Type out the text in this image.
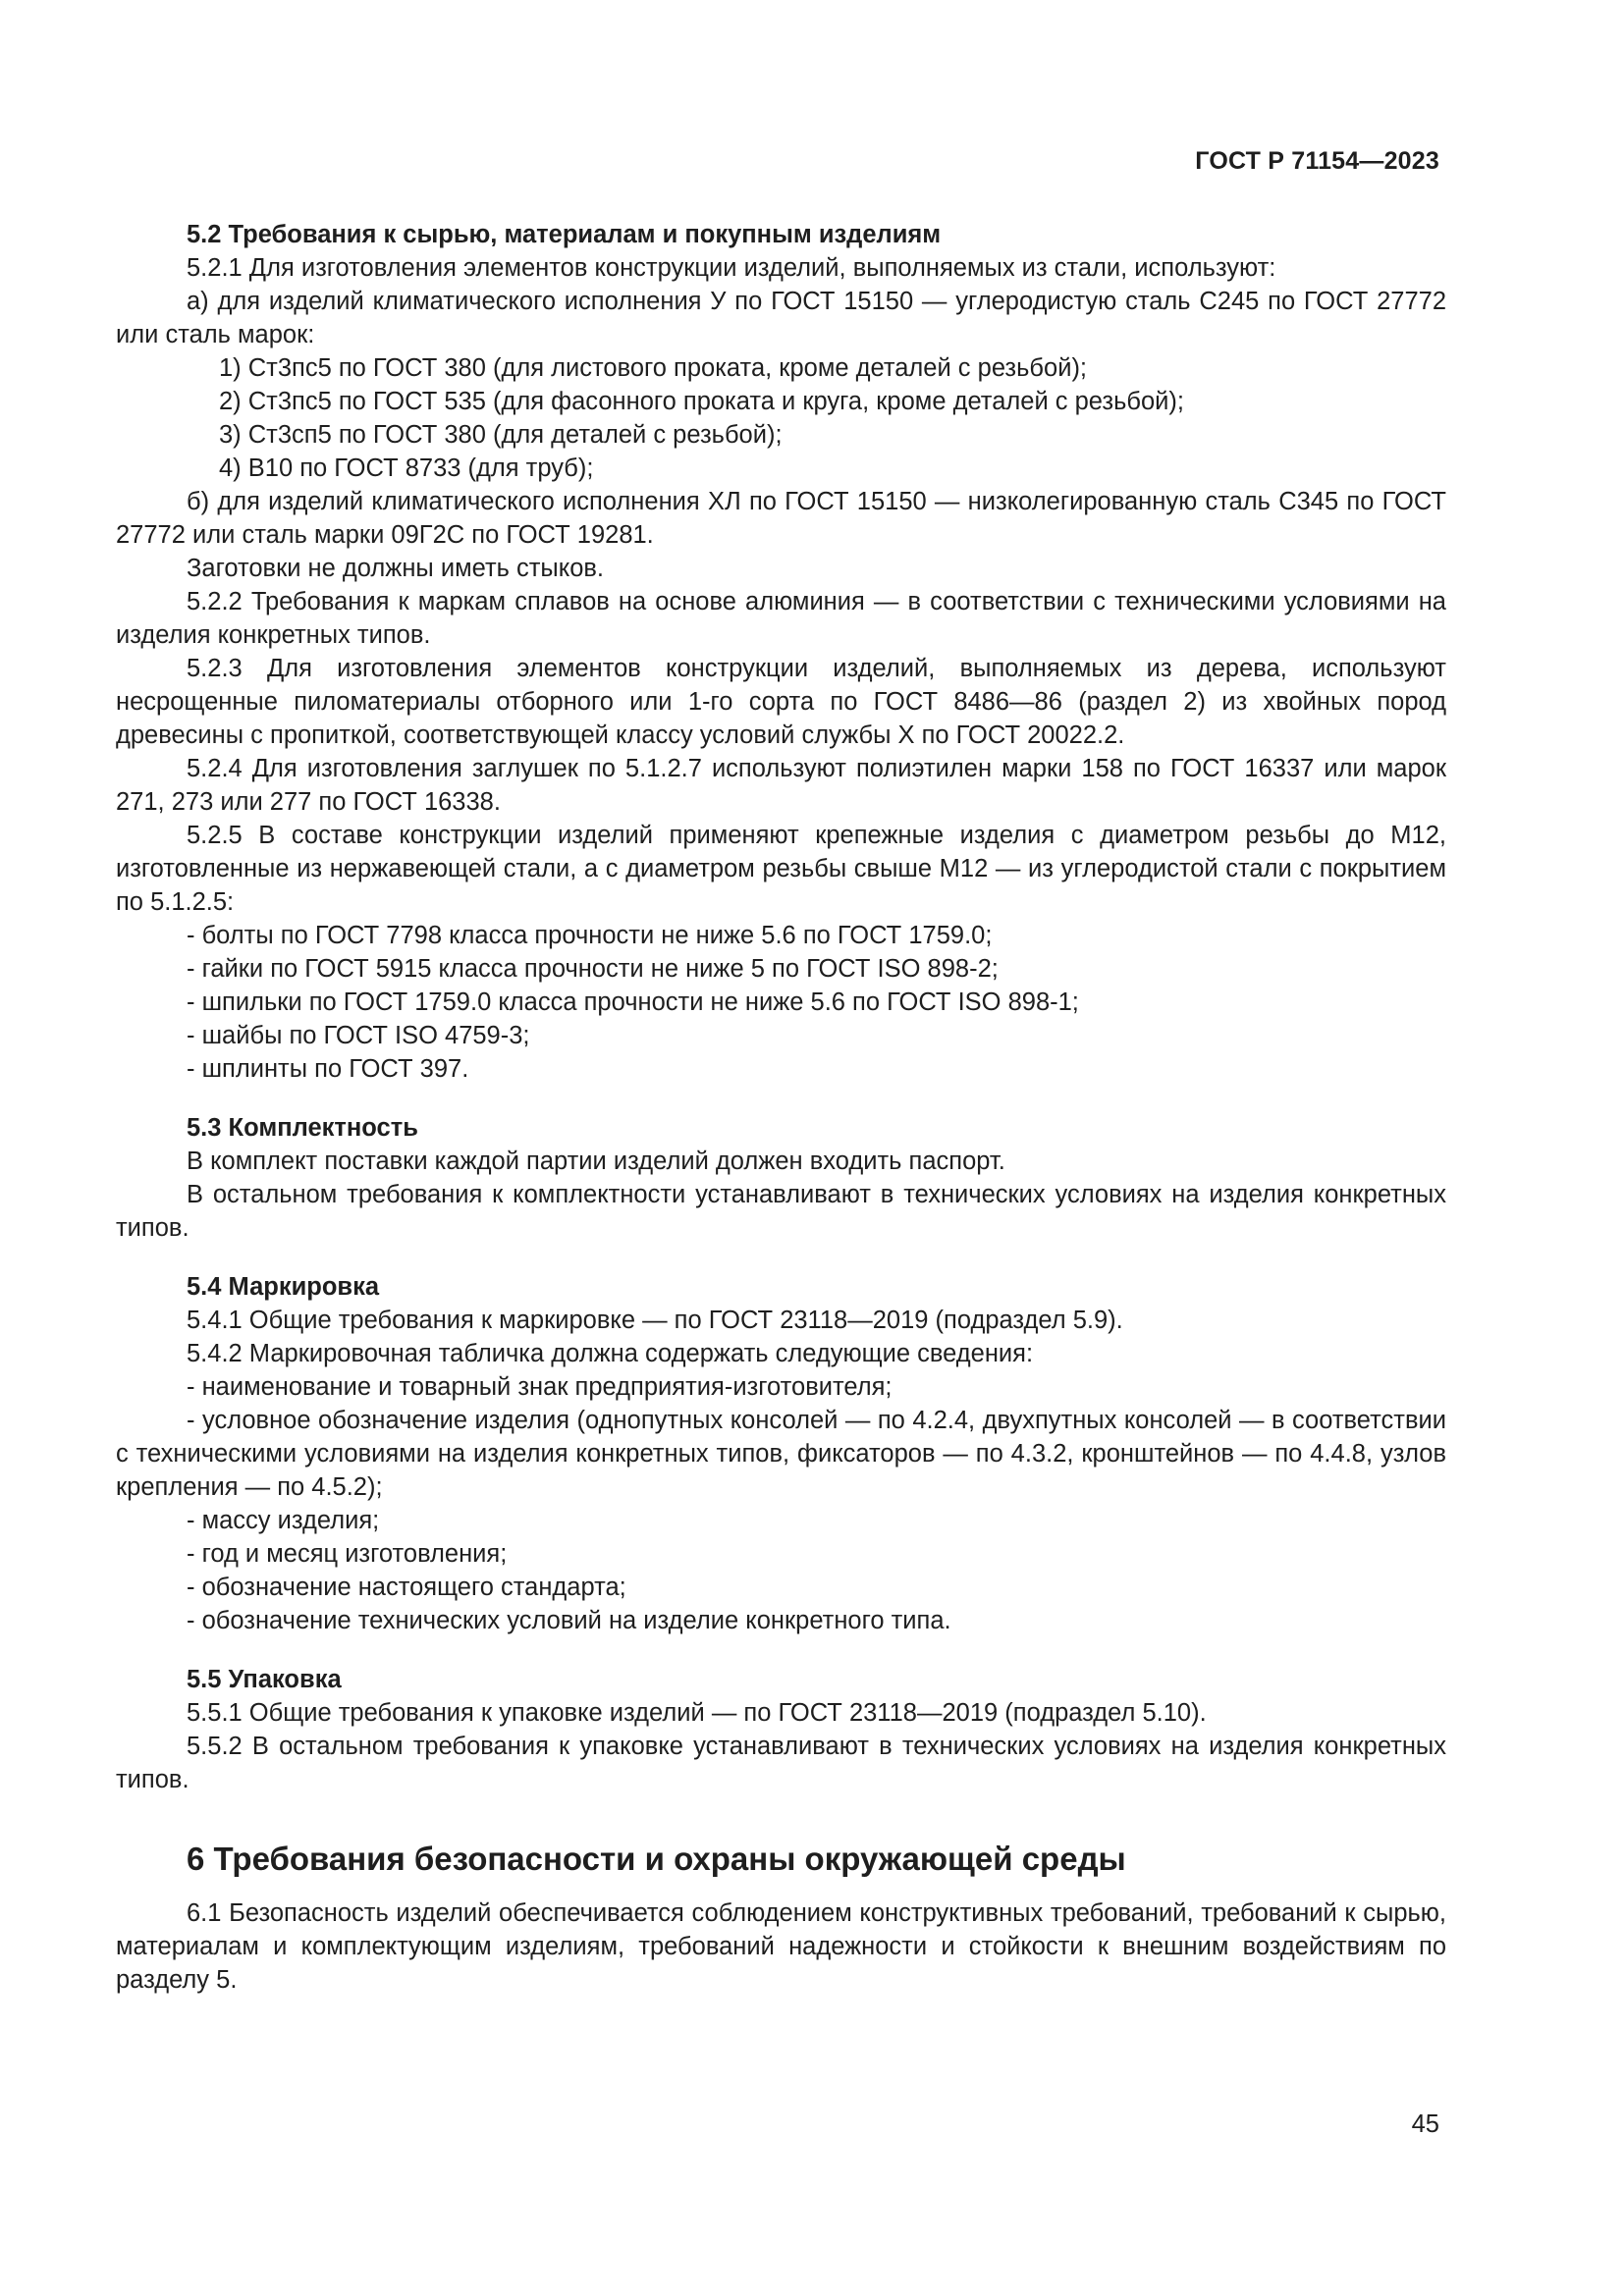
ГОСТ Р 71154—2023

5.2 Требования к сырью, материалам и покупным изделиям

5.2.1 Для изготовления элементов конструкции изделий, выполняемых из стали, используют:

а) для изделий климатического исполнения У по ГОСТ 15150 — углеродистую сталь С245 по ГОСТ 27772 или сталь марок:

1) Ст3пс5 по ГОСТ 380 (для листового проката, кроме деталей с резьбой);

2) Ст3пс5 по ГОСТ 535 (для фасонного проката и круга, кроме деталей с резьбой);

3) Ст3сп5 по ГОСТ 380 (для деталей с резьбой);

4) В10 по ГОСТ 8733 (для труб);

б) для изделий климатического исполнения ХЛ по ГОСТ 15150 — низколегированную сталь С345 по ГОСТ 27772 или сталь марки 09Г2С по ГОСТ 19281.

Заготовки не должны иметь стыков.

5.2.2 Требования к маркам сплавов на основе алюминия — в соответствии с техническими условиями на изделия конкретных типов.

5.2.3 Для изготовления элементов конструкции изделий, выполняемых из дерева, используют несрощенные пиломатериалы отборного или 1-го сорта по ГОСТ 8486—86 (раздел 2) из хвойных пород древесины с пропиткой, соответствующей классу условий службы X по ГОСТ 20022.2.

5.2.4 Для изготовления заглушек по 5.1.2.7 используют полиэтилен марки 158 по ГОСТ 16337 или марок 271, 273 или 277 по ГОСТ 16338.

5.2.5 В составе конструкции изделий применяют крепежные изделия с диаметром резьбы до М12, изготовленные из нержавеющей стали, а с диаметром резьбы свыше М12 — из углеродистой стали с покрытием по 5.1.2.5:

- болты по ГОСТ 7798 класса прочности не ниже 5.6 по ГОСТ 1759.0;

- гайки по ГОСТ 5915 класса прочности не ниже 5 по ГОСТ ISO 898-2;

- шпильки по ГОСТ 1759.0 класса прочности не ниже 5.6 по ГОСТ ISO 898-1;

- шайбы по ГОСТ ISO 4759-3;

- шплинты по ГОСТ 397.

5.3 Комплектность

В комплект поставки каждой партии изделий должен входить паспорт.

В остальном требования к комплектности устанавливают в технических условиях на изделия конкретных типов.

5.4 Маркировка

5.4.1 Общие требования к маркировке — по ГОСТ 23118—2019 (подраздел 5.9).

5.4.2 Маркировочная табличка должна содержать следующие сведения:

- наименование и товарный знак предприятия-изготовителя;

- условное обозначение изделия (однопутных консолей — по 4.2.4, двухпутных консолей — в соответствии с техническими условиями на изделия конкретных типов, фиксаторов — по 4.3.2, кронштейнов — по 4.4.8, узлов крепления — по 4.5.2);

- массу изделия;

- год и месяц изготовления;

- обозначение настоящего стандарта;

- обозначение технических условий на изделие конкретного типа.

5.5 Упаковка

5.5.1 Общие требования к упаковке изделий — по ГОСТ 23118—2019 (подраздел 5.10).

5.5.2 В остальном требования к упаковке устанавливают в технических условиях на изделия конкретных типов.

6 Требования безопасности и охраны окружающей среды

6.1 Безопасность изделий обеспечивается соблюдением конструктивных требований, требований к сырью, материалам и комплектующим изделиям, требований надежности и стойкости к внешним воздействиям по разделу 5.

45
